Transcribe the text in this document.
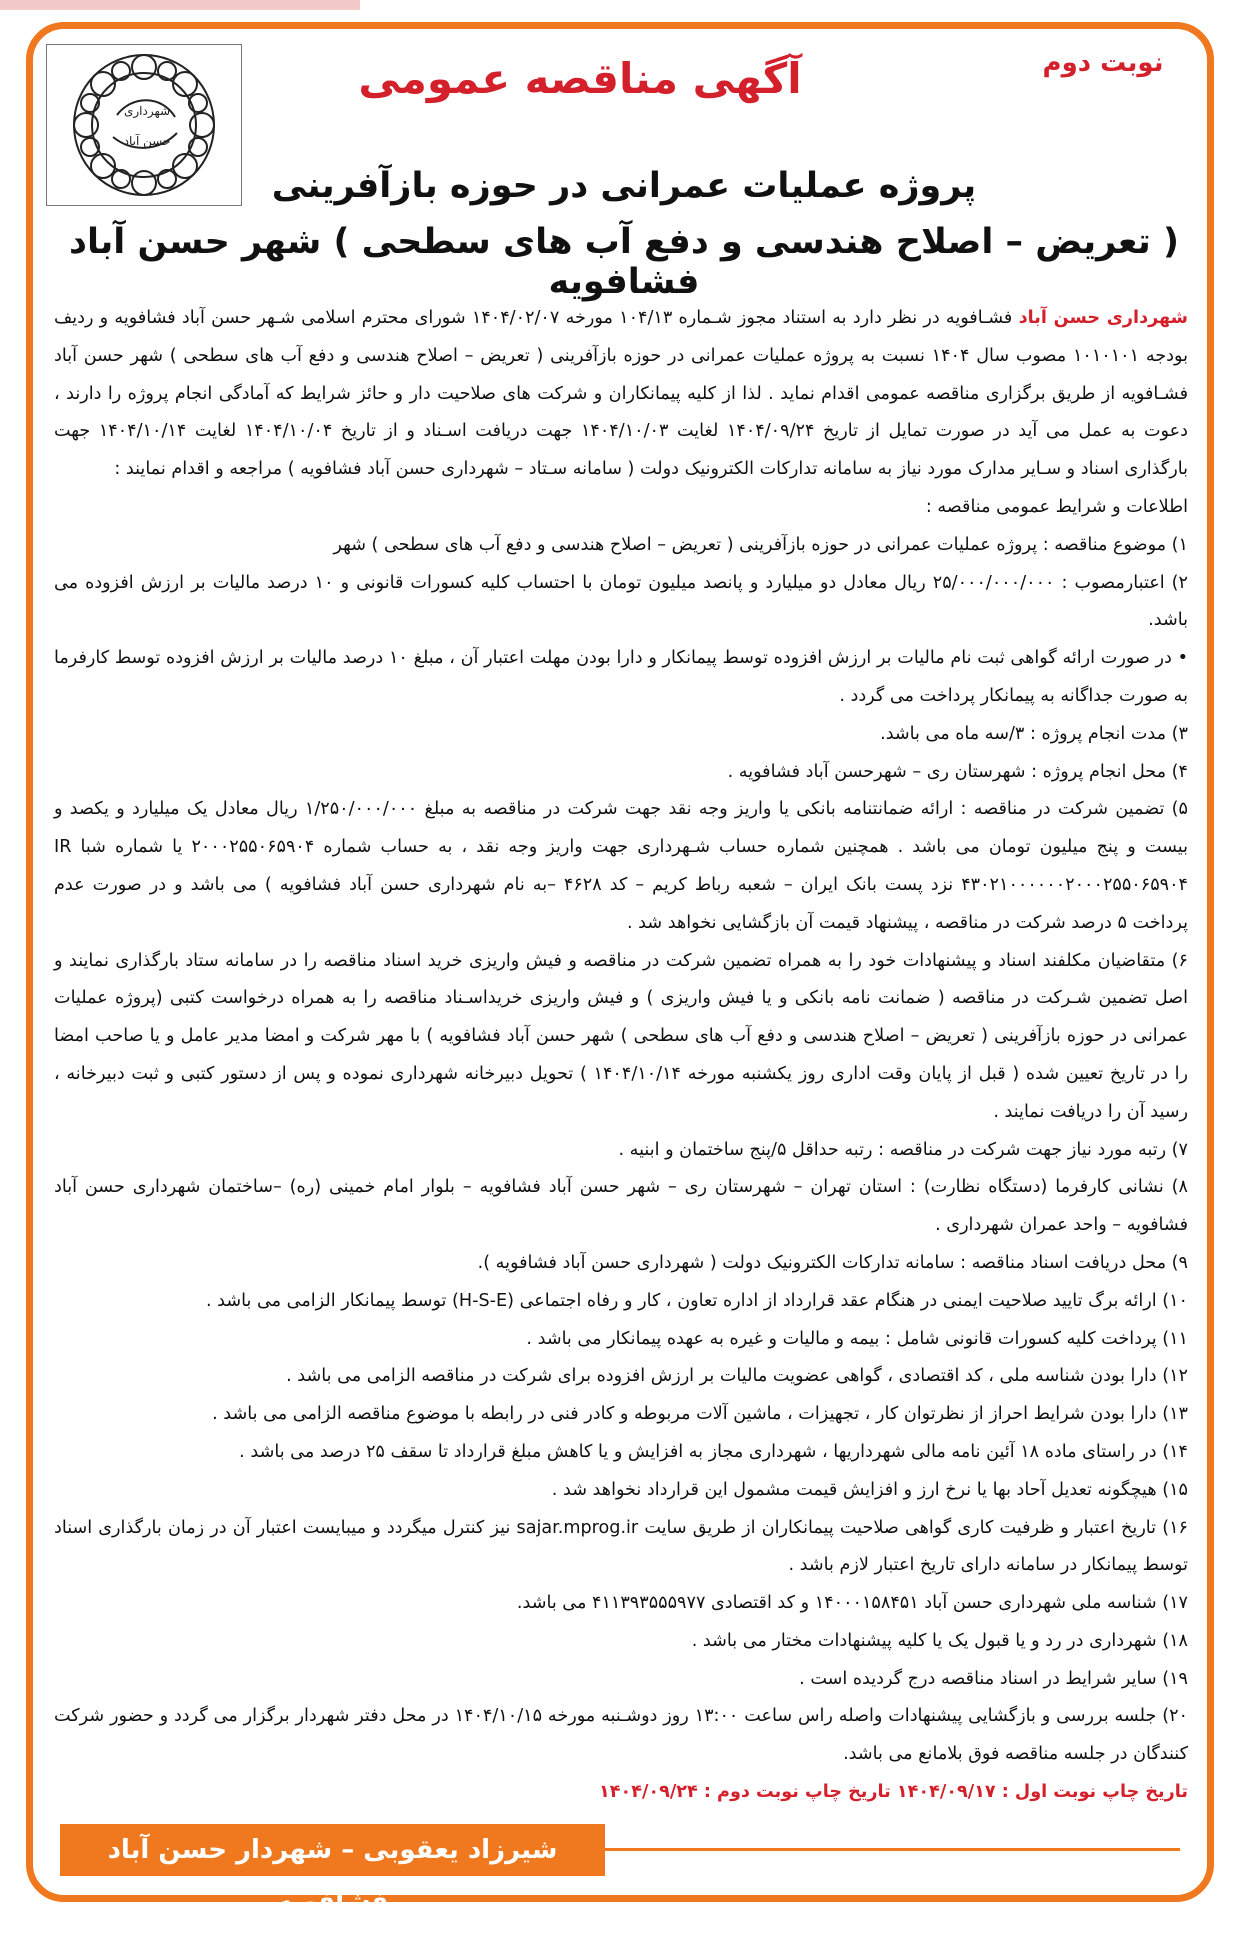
شهرداری
حسن آباد
نوبت دوم
آگهی مناقصه عمومی
پروژه عملیات عمرانی در حوزه بازآفرینی
( تعریض – اصلاح هندسی و دفع آب های سطحی ) شهر حسن آباد فشافویه

شهرداری حسن آباد فشـافویه در نظر دارد به استناد مجوز شـماره ۱۰۴/۱۳ مورخه ۱۴۰۴/۰۲/۰۷ شورای محترم اسلامی شـهر حسن آباد فشافویه و ردیف بودجه ۱۰۱۰۱۰۱ مصوب سال ۱۴۰۴ نسبت به پروژه عملیات عمرانی در حوزه بازآفرینی ( تعریض – اصلاح هندسی و دفع آب های سطحی ) شهر حسن آباد فشـافویه از طریق برگزاری مناقصه عمومی اقدام نماید . لذا از کلیه پیمانکاران و شرکت های صلاحیت دار و حائز شرایط که آمادگی انجام پروژه را دارند ، دعوت به عمل می آید در صورت تمایل از تاریخ ۱۴۰۴/۰۹/۲۴ لغایت ۱۴۰۴/۱۰/۰۳ جهت دریافت اسـناد و از تاریخ ۱۴۰۴/۱۰/۰۴ لغایت ۱۴۰۴/۱۰/۱۴ جهت بارگذاری اسناد و سـایر مدارک مورد نیاز به سامانه تدارکات الکترونیک دولت ( سامانه سـتاد – شهرداری حسن آباد فشافویه ) مراجعه و اقدام نمایند :

اطلاعات و شرایط عمومی مناقصه :

۱) موضوع مناقصه : پروژه عملیات عمرانی در حوزه بازآفرینی ( تعریض – اصلاح هندسی و دفع آب های سطحی ) شهر

۲) اعتبارمصوب : ۲۵/۰۰۰/۰۰۰/۰۰۰ ریال معادل دو میلیارد و پانصد میلیون تومان با احتساب کلیه کسورات قانونی و ۱۰ درصد مالیات بر ارزش افزوده می باشد.

• در صورت ارائه گواهی ثبت نام مالیات بر ارزش افزوده توسط پیمانکار و دارا بودن مهلت اعتبار آن ، مبلغ ۱۰ درصد مالیات بر ارزش افزوده توسط کارفرما به صورت جداگانه به پیمانکار پرداخت می گردد .

۳) مدت انجام پروژه : ۳/سه ماه می باشد.

۴) محل انجام پروژه : شهرستان ری – شهرحسن آباد فشافویه .

۵) تضمین شرکت در مناقصه : ارائه ضمانتنامه بانکی یا واریز وجه نقد جهت شرکت در مناقصه به مبلغ ۱/۲۵۰/۰۰۰/۰۰۰ ریال معادل یک میلیارد و یکصد و بیست و پنج میلیون تومان می باشد . همچنین شماره حساب شـهرداری جهت واریز وجه نقد ، به حساب شماره ۲۰۰۰۲۵۵۰۶۵۹۰۴ یا شماره شبا IR ۴۳۰۲۱۰۰۰۰۰۰۲۰۰۰۲۵۵۰۶۵۹۰۴ نزد پست بانک ایران – شعبه رباط کریم – کد ۴۶۲۸ –به نام شهرداری حسن آباد فشافویه ) می باشد و در صورت عدم پرداخت ۵ درصد شرکت در مناقصه ، پیشنهاد قیمت آن بازگشایی نخواهد شد .

۶) متقاضیان مکلفند اسناد و پیشنهادات خود را به همراه تضمین شرکت در مناقصه و فیش واریزی خرید اسناد مناقصه را در سامانه ستاد بارگذاری نمایند و اصل تضمین شـرکت در مناقصه ( ضمانت نامه بانکی و یا فیش واریزی ) و فیش واریزی خریداسـناد مناقصه را به همراه درخواست کتبی (پروژه عملیات عمرانی در حوزه بازآفرینی ( تعریض – اصلاح هندسی و دفع آب های سطحی ) شهر حسن آباد فشافویه ) با مهر شرکت و امضا مدیر عامل و یا صاحب امضا را در تاریخ تعیین شده ( قبل از پایان وقت اداری روز یکشنبه مورخه ۱۴۰۴/۱۰/۱۴ ) تحویل دبیرخانه شهرداری نموده و پس از دستور کتبی و ثبت دبیرخانه ، رسید آن را دریافت نمایند .

۷) رتبه مورد نیاز جهت شرکت در مناقصه : رتبه حداقل ۵/پنج ساختمان و ابنیه .

۸) نشانی کارفرما (دستگاه نظارت) : استان تهران – شهرستان ری – شهر حسن آباد فشافویه – بلوار امام خمینی (ره) –ساختمان شهرداری حسن آباد فشافویه – واحد عمران شهرداری .

۹) محل دریافت اسناد مناقصه : سامانه تدارکات الکترونیک دولت ( شهرداری حسن آباد فشافویه ).

۱۰) ارائه برگ تایید صلاحیت ایمنی در هنگام عقد قرارداد از اداره تعاون ، کار و رفاه اجتماعی (H-S-E) توسط پیمانکار الزامی می باشد .

۱۱) پرداخت کلیه کسورات قانونی شامل : بیمه و مالیات و غیره به عهده پیمانکار می باشد .

۱۲) دارا بودن شناسه ملی ، کد اقتصادی ، گواهی عضویت مالیات بر ارزش افزوده برای شرکت در مناقصه الزامی می باشد .

۱۳) دارا بودن شرایط احراز از نظرتوان کار ، تجهیزات ، ماشین آلات مربوطه و کادر فنی در رابطه با موضوع مناقصه الزامی می باشد .

۱۴) در راستای ماده ۱۸ آئین نامه مالی شهرداریها ، شهرداری مجاز به افزایش و یا کاهش مبلغ قرارداد تا سقف ۲۵ درصد می باشد .

۱۵) هیچگونه تعدیل آحاد بها یا نرخ ارز و افزایش قیمت مشمول این قرارداد نخواهد شد .

۱۶) تاریخ اعتبار و ظرفیت کاری گواهی صلاحیت پیمانکاران از طریق سایت sajar.mprog.ir نیز کنترل میگردد و میبایست اعتبار آن در زمان بارگذاری اسناد توسط پیمانکار در سامانه دارای تاریخ اعتبار لازم باشد .

۱۷) شناسه ملی شهرداری حسن آباد ۱۴۰۰۰۱۵۸۴۵۱ و کد اقتصادی ۴۱۱۳۹۳۵۵۵۹۷۷ می باشد.

۱۸) شهرداری در رد و یا قبول یک یا کلیه پیشنهادات مختار می باشد .

۱۹) سایر شرایط در اسناد مناقصه درج گردیده است .

۲۰) جلسه بررسی و بازگشایی پیشنهادات واصله راس ساعت ۱۳:۰۰ روز دوشـنبه مورخه ۱۴۰۴/۱۰/۱۵ در محل دفتر شهردار برگزار می گردد و حضور شرکت کنندگان در جلسه مناقصه فوق بلامانع می باشد.

تاریخ چاپ نوبت اول : ۱۴۰۴/۰۹/۱۷ تاریخ چاپ نوبت دوم : ۱۴۰۴/۰۹/۲۴

شیرزاد یعقوبی – شهردار حسن آباد فشافویه
